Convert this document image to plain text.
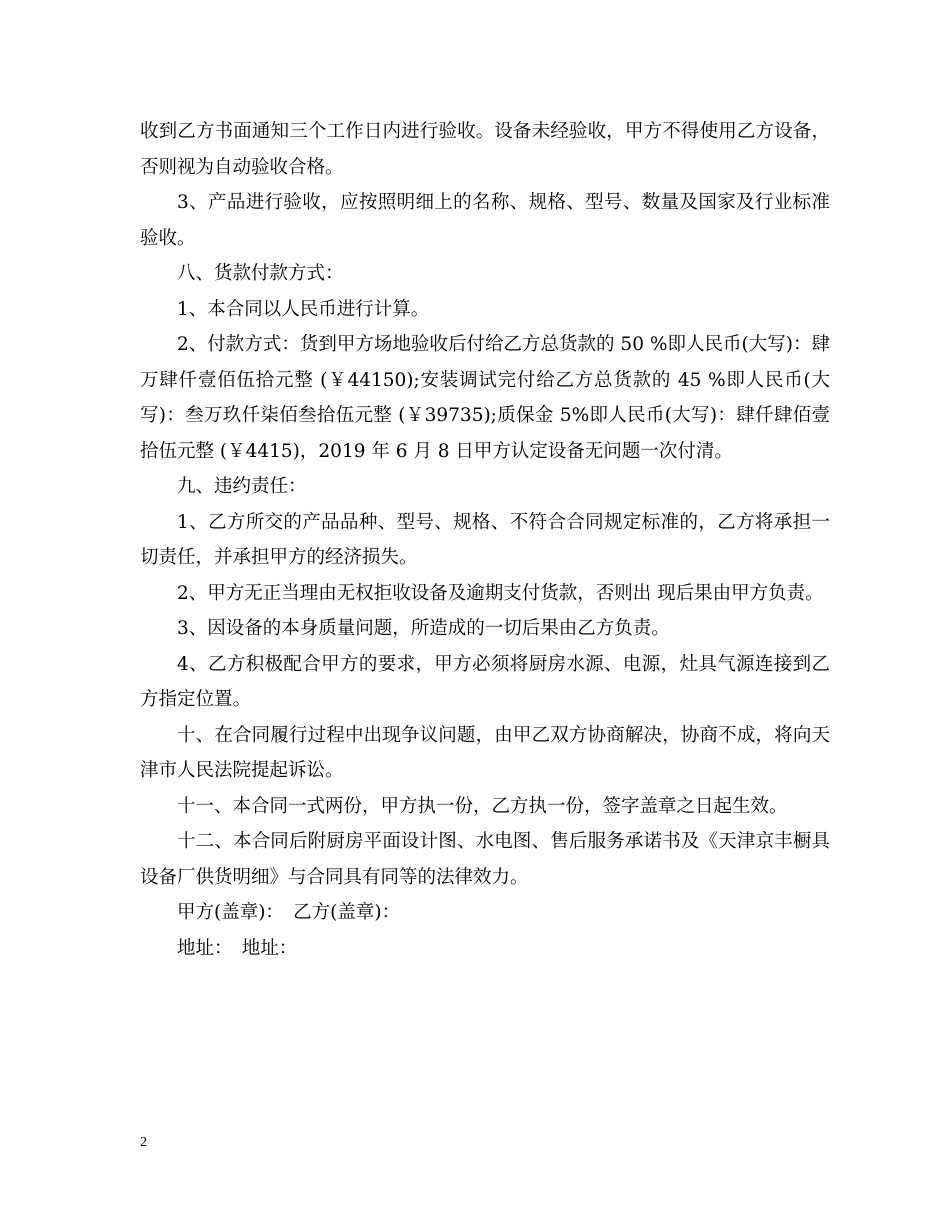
收到乙方书面通知三个工作日内进行验收。设备未经验收，甲方不得使用乙方设备，否则视为自动验收合格。

3、产品进行验收，应按照明细上的名称、规格、型号、数量及国家及行业标准验收。

八、货款付款方式：

1、本合同以人民币进行计算。

2、付款方式：货到甲方场地验收后付给乙方总货款的 50 %即人民币(大写)：肆万肆仟壹佰伍拾元整 (￥44150);安装调试完付给乙方总货款的 45 %即人民币(大写)：叁万玖仟柒佰叁拾伍元整 (￥39735);质保金 5%即人民币(大写)：肆仟肆佰壹拾伍元整 (￥4415)，2019 年 6 月 8 日甲方认定设备无问题一次付清。

九、违约责任：

1、乙方所交的产品品种、型号、规格、不符合合同规定标准的，乙方将承担一切责任，并承担甲方的经济损失。

2、甲方无正当理由无权拒收设备及逾期支付货款，否则出 现后果由甲方负责。

3、因设备的本身质量问题，所造成的一切后果由乙方负责。

4、乙方积极配合甲方的要求，甲方必须将厨房水源、电源，灶具气源连接到乙方指定位置。

十、在合同履行过程中出现争议问题，由甲乙双方协商解决，协商不成，将向天津市人民法院提起诉讼。

十一、本合同一式两份，甲方执一份，乙方执一份，签字盖章之日起生效。

十二、本合同后附厨房平面设计图、水电图、售后服务承诺书及《天津京丰橱具设备厂供货明细》与合同具有同等的法律效力。

甲方(盖章)：　乙方(盖章)：

地址：　地址：

2
